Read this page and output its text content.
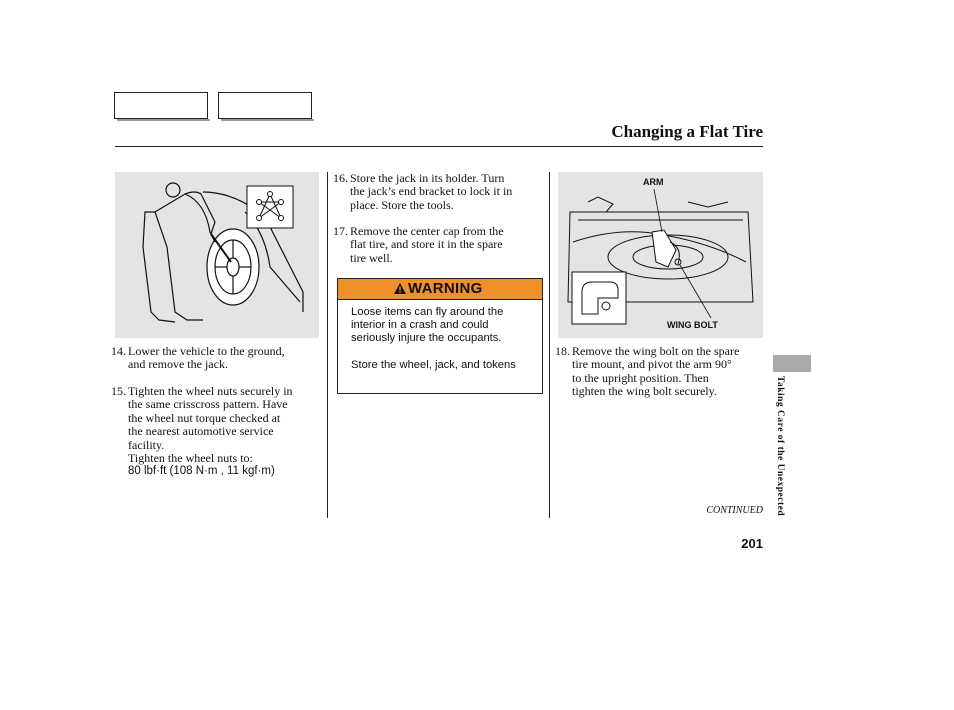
Changing a Flat Tire
14. Lower the vehicle to the ground,
and remove the jack.
15. Tighten the wheel nuts securely in
the same crisscross pattern. Have
the wheel nut torque checked at
the nearest automotive service
facility.
Tighten the wheel nuts to:
80 lbf·ft (108 N·m , 11 kgf·m)
16. Store the jack in its holder. Turn
the jack’s end bracket to lock it in
place. Store the tools.
17. Remove the center cap from the
flat tire, and store it in the spare
tire well.
WARNING
Loose items can fly around the
interior in a crash and could
seriously injure the occupants.
Store the wheel, jack, and tokens
ARM
WING BOLT
18. Remove the wing bolt on the spare
tire mount, and pivot the arm 90°
to the upright position. Then
tighten the wing bolt securely.	Taking Care of the Unexpected
CONTINUED
201
